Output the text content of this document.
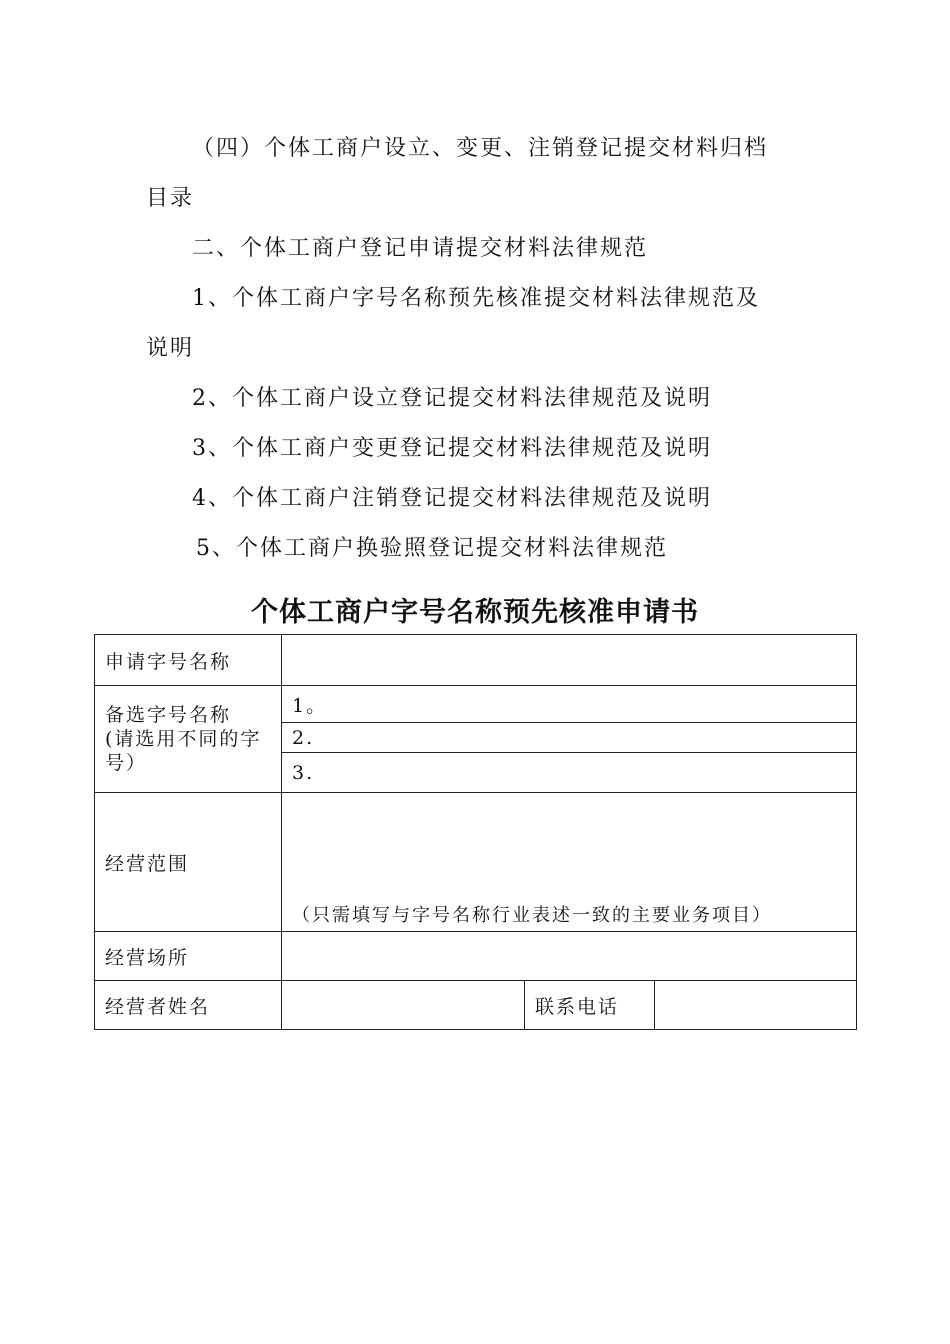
（四）个体工商户设立、变更、注销登记提交材料归档
目录
二、个体工商户登记申请提交材料法律规范
1、个体工商户字号名称预先核准提交材料法律规范及
说明
2、个体工商户设立登记提交材料法律规范及说明
3、个体工商户变更登记提交材料法律规范及说明
4、个体工商户注销登记提交材料法律规范及说明
5、个体工商户换验照登记提交材料法律规范
个体工商户字号名称预先核准申请书
申请字号名称			

备选字号名称
(请选用不同的字
号）	1。		
	2.		
	3.		
经营范围	（只需填写与字号名称行业表述一致的主要业务项目）		
经营场所			
经营者姓名		联系电话	
